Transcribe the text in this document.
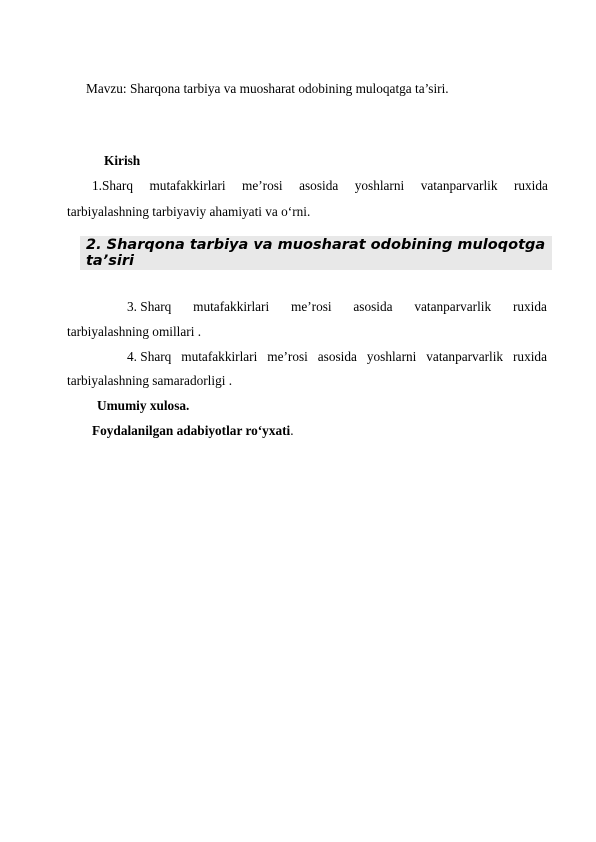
Mavzu: Sharqona tarbiya va muosharat odobining muloqatga ta’siri.
Kirish
1.Sharq mutafakkirlari me’rosi asosida yoshlarni vatanparvarlik ruxida
tarbiyalashning tarbiyaviy ahamiyati va o‘rni.
2. Sharqona tarbiya va muosharat odobining muloqotga ta’siri
3. Sharq mutafakkirlari me’rosi asosida vatanparvarlik ruxida
tarbiyalashning omillari .
4. Sharq mutafakkirlari me’rosi asosida yoshlarni vatanparvarlik ruxida
tarbiyalashning samaradorligi .
Umumiy xulosa.
Foydalanilgan adabiyotlar ro‘yxati.
